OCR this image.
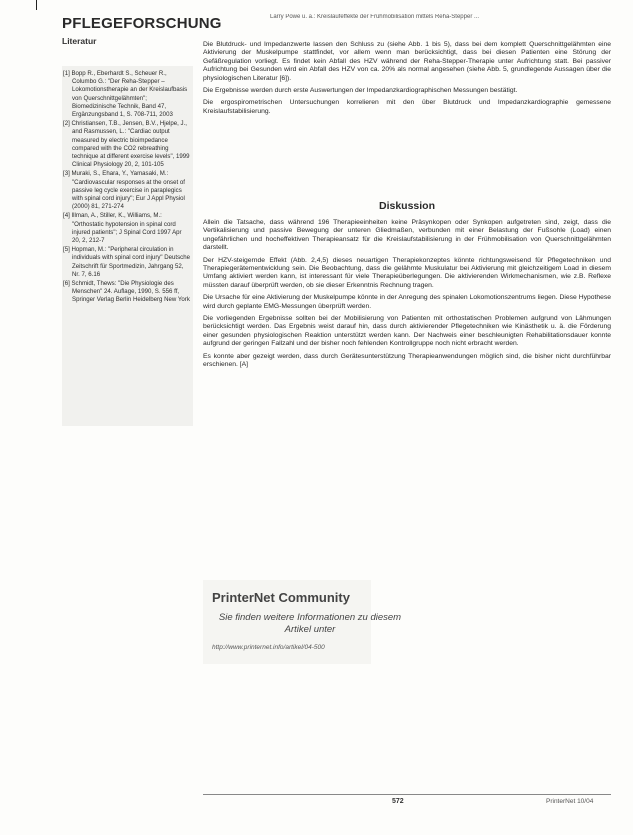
PFLEGEFORSCHUNG
Literatur
Larry Powe u. a.: Kreislaufeffekte der Frühmobilisation mittels Reha-Stepper ...

[1] Bopp R., Eberhardt S., Scheuer R., Columbo G.: "Der Reha-Stepper – Lokomotionstherapie an der Kreislaufbasis von Querschnittgelähmten"; Biomedizinische Technik, Band 47, Ergänzungsband 1, S. 708-711, 2003

[2] Christiansen, T.B., Jensen, B.V., Hjelpe, J., and Rasmussen, L.: "Cardiac output measured by electric bioimpedance compared with the CO2 rebreathing technique at different exercise levels", 1999 Clinical Physiology 20, 2, 101-105

[3] Muraki, S., Ehara, Y., Yamasaki, M.: "Cardiovascular responses at the onset of passive leg cycle exercise in paraplegics with spinal cord injury"; Eur J Appl Physiol (2000) 81, 271-274

[4] Illman, A., Stiller, K., Williams, M.: "Orthostatic hypotension in spinal cord injured patients"; J Spinal Cord 1997 Apr 20, 2, 212-7

[5] Hopman, M.: "Peripheral circulation in individuals with spinal cord injury" Deutsche Zeitschrift für Sportmedizin, Jahrgang 52, Nr. 7, 6.16

[6] Schmidt, Thews: "Die Physiologie des Menschen" 24. Auflage, 1990, S. 556 ff, Springer Verlag Berlin Heidelberg New York

Die Blutdruck- und Impedanzwerte lassen den Schluss zu (siehe Abb. 1 bis 5), dass bei dem komplett Querschnittgelähmten eine Aktivierung der Muskelpumpe stattfindet, vor allem wenn man berücksichtigt, dass bei diesen Patienten eine Störung der Gefäßregulation vorliegt. Es findet kein Abfall des HZV während der Reha-Stepper-Therapie unter Aufrichtung statt. Bei passiver Aufrichtung bei Gesunden wird ein Abfall des HZV von ca. 20% als normal angesehen (siehe Abb. 5, grundlegende Aussagen über die physiologischen Literatur [6]).

Die Ergebnisse werden durch erste Auswertungen der Impedanzkardiographischen Messungen bestätigt.

Die ergospirometrischen Untersuchungen korrelieren mit den über Blutdruck und Impedanzkardiographie gemessene Kreislaufstabilisierung.

Diskussion

Allein die Tatsache, dass während 196 Therapieeinheiten keine Präsynkopen oder Synkopen aufgetreten sind, zeigt, dass die Vertikalisierung und passive Bewegung der unteren Gliedmaßen, verbunden mit einer Belastung der Fußsohle (Load) einen ungefährlichen und hocheffektiven Therapieansatz für die Kreislaufstabilisierung in der Frühmobilisation von Querschnittgelähmten darstellt.

Der HZV-steigernde Effekt (Abb. 2,4,5) dieses neuartigen Therapiekonzeptes könnte richtungsweisend für Pflegetechniken und Therapiegerätementwicklung sein. Die Beobachtung, dass die gelähmte Muskulatur bei Aktivierung mit gleichzeitigem Load in diesem Umfang aktiviert werden kann, ist interessant für viele Therapieüberlegungen. Die aktivierenden Wirkmechanismen, wie z.B. Reflexe müssten darauf überprüft werden, ob sie dieser Erkenntnis Rechnung tragen.

Die Ursache für eine Aktivierung der Muskelpumpe könnte in der Anregung des spinalen Lokomotionszentrums liegen. Diese Hypothese wird durch geplante EMG-Messungen überprüft werden.

Die vorliegenden Ergebnisse sollten bei der Mobilisierung von Patienten mit orthostatischen Problemen aufgrund von Lähmungen berücksichtigt werden. Das Ergebnis weist darauf hin, dass durch aktivierender Pflegetechniken wie Kinästhetik u. ä. die Förderung einer gesunden physiologischen Reaktion unterstützt werden kann. Der Nachweis einer beschleunigten Rehabilitationsdauer konnte aufgrund der geringen Fallzahl und der bisher noch fehlenden Kontrollgruppe noch nicht erbracht werden.

Es konnte aber gezeigt werden, dass durch Gerätesunterstützung Therapieanwendungen möglich sind, die bisher nicht durchführbar erschienen. [A]

PrinterNet Community
Sie finden weitere Informationen zu diesem Artikel unter
http://www.printernet.info/artikel/04-500
572	PrinterNet 10/04
